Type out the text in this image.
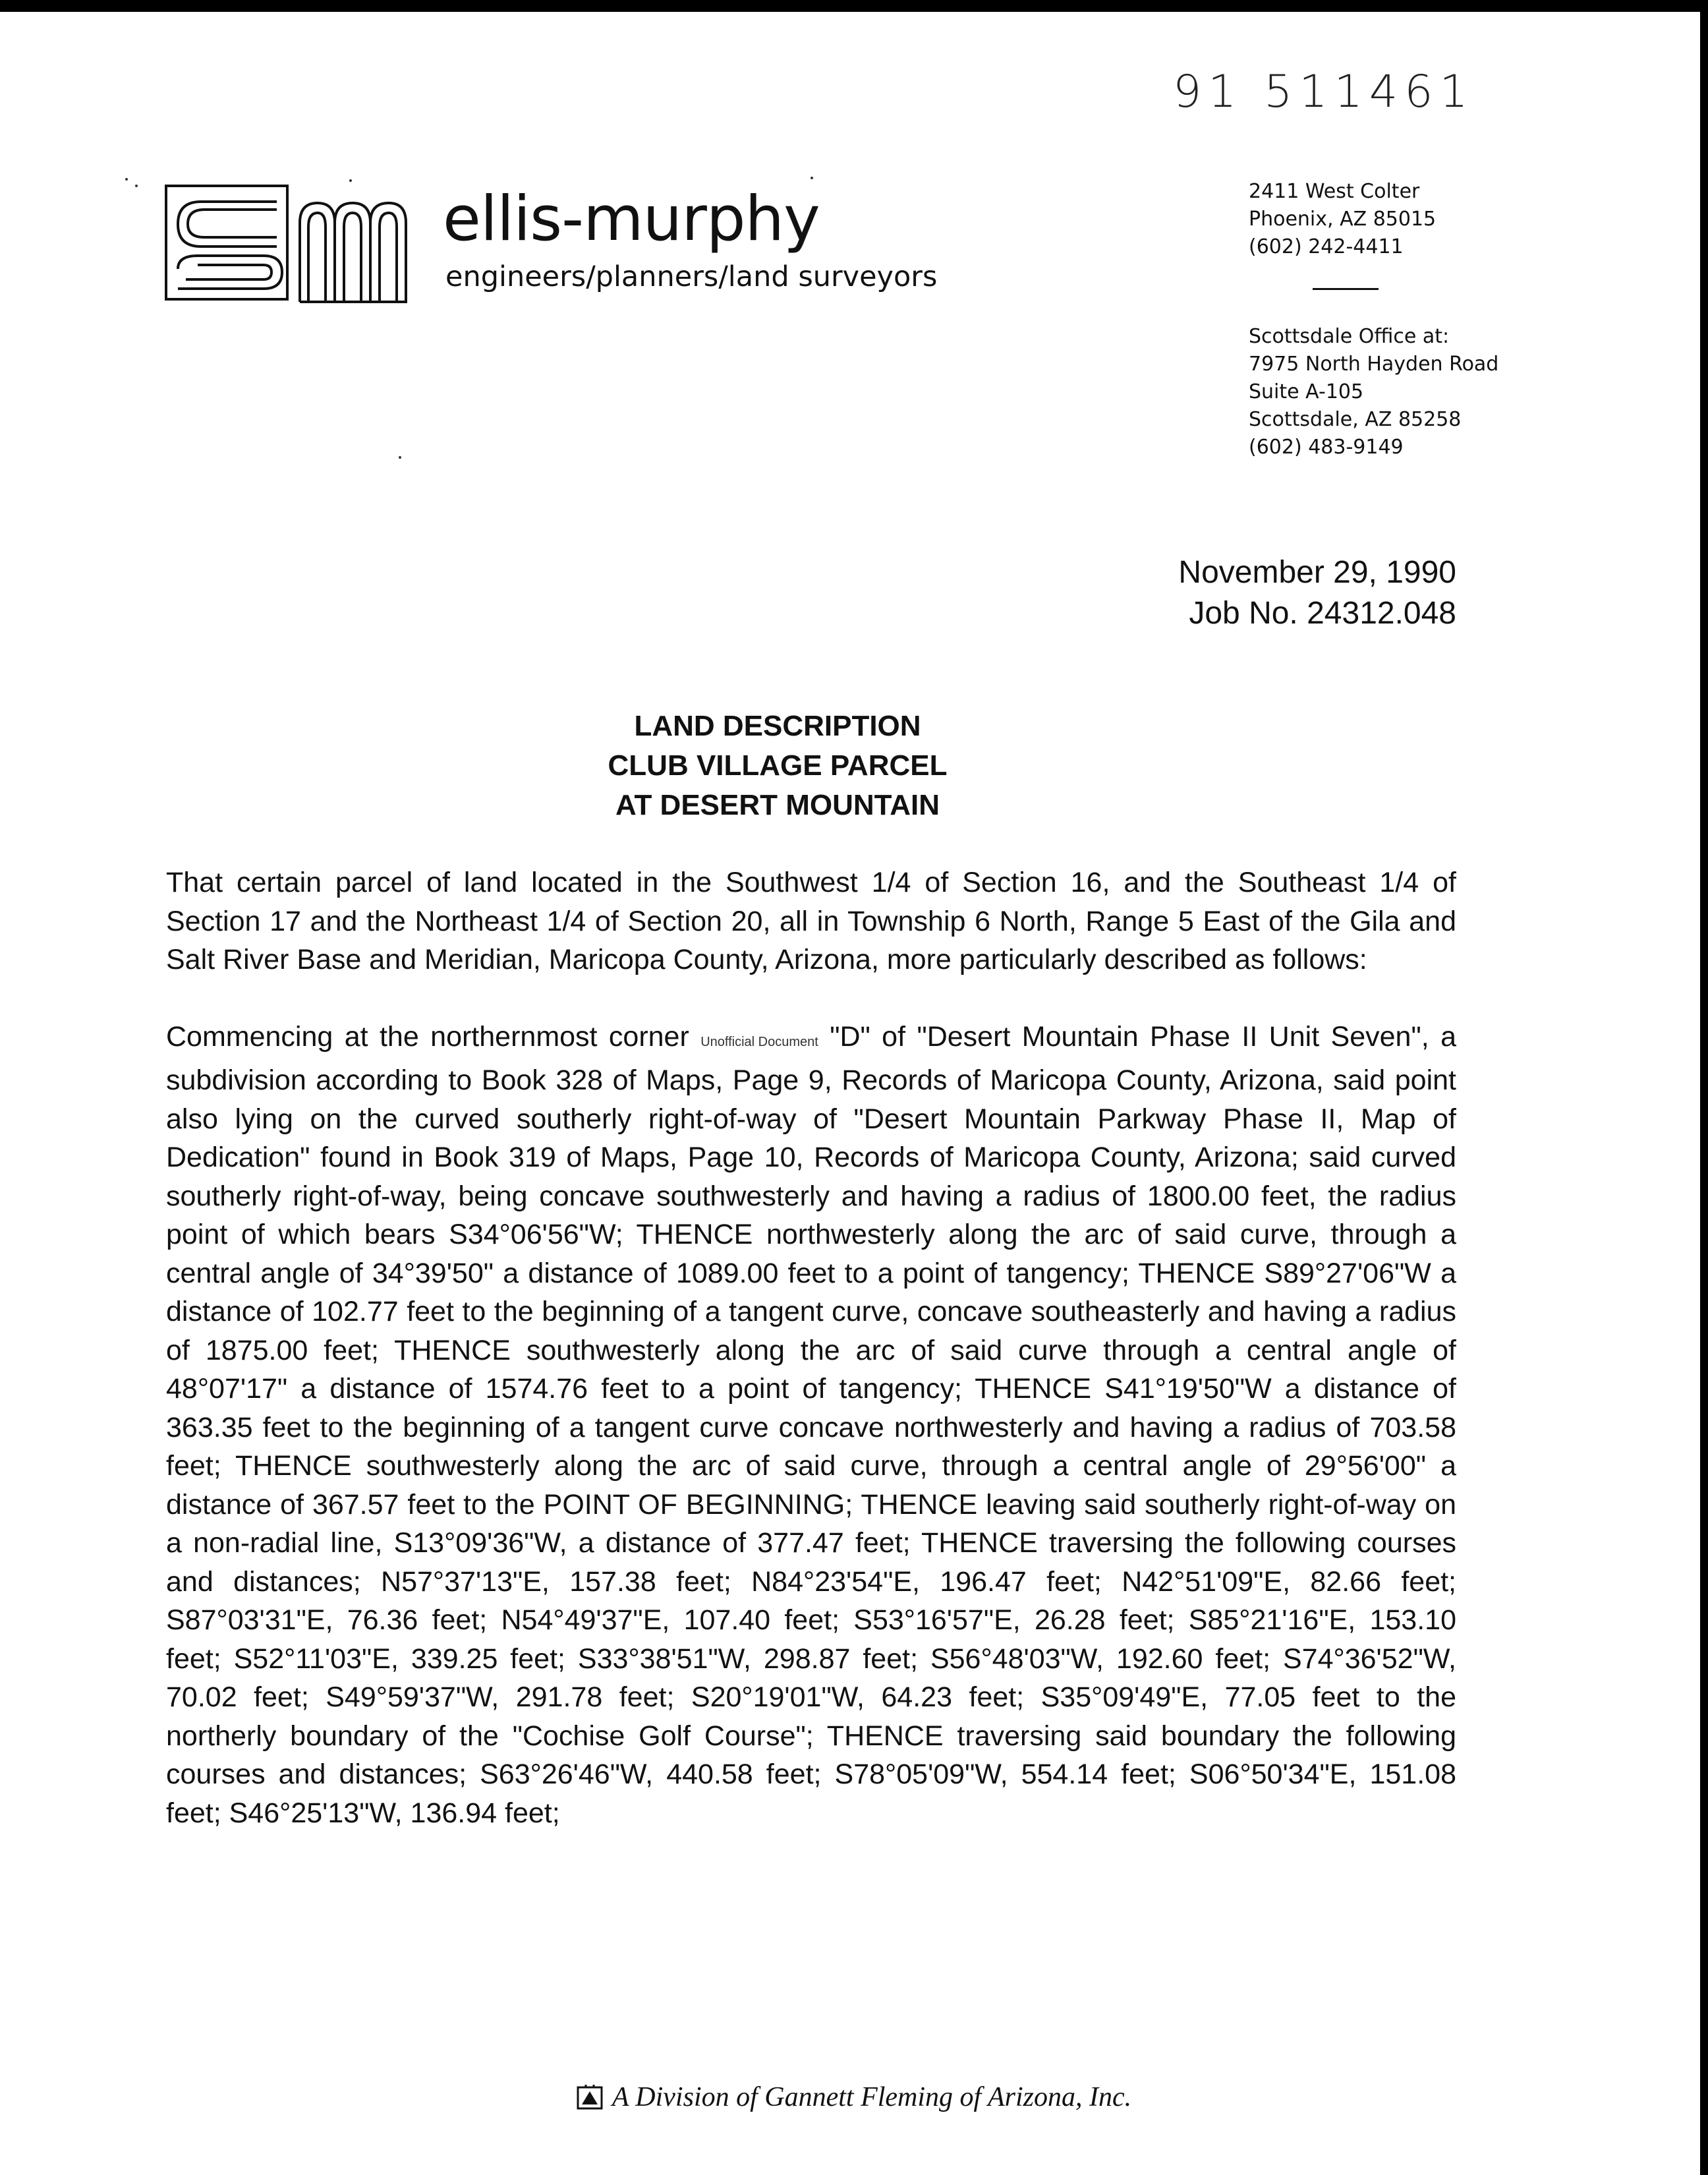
91 511461
ellis-murphy
engineers/planners/land surveyors
2411 West Colter
Phoenix, AZ 85015
(602) 242-4411
Scottsdale Office at:
7975 North Hayden Road
Suite A-105
Scottsdale, AZ 85258
(602) 483-9149
November 29, 1990
Job No. 24312.048
LAND DESCRIPTION
CLUB VILLAGE PARCEL
AT DESERT MOUNTAIN

That certain parcel of land located in the Southwest 1/4 of Section 16, and the Southeast 1/4 of Section 17 and the Northeast 1/4 of Section 20, all in Township 6 North, Range 5 East of the Gila and Salt River Base and Meridian, Maricopa County, Arizona, more particularly described as follows:

Commencing at the northernmost corner Unofficial Document "D" of "Desert Mountain Phase II Unit Seven", a subdivision according to Book 328 of Maps, Page 9, Records of Maricopa County, Arizona, said point also lying on the curved southerly right-of-way of "Desert Mountain Parkway Phase II, Map of Dedication" found in Book 319 of Maps, Page 10, Records of Maricopa County, Arizona; said curved southerly right-of-way, being concave southwesterly and having a radius of 1800.00 feet, the radius point of which bears S34°06'56"W; THENCE northwesterly along the arc of said curve, through a central angle of 34°39'50" a distance of 1089.00 feet to a point of tangency; THENCE S89°27'06"W a distance of 102.77 feet to the beginning of a tangent curve, concave southeasterly and having a radius of 1875.00 feet; THENCE southwesterly along the arc of said curve through a central angle of 48°07'17" a distance of 1574.76 feet to a point of tangency; THENCE S41°19'50"W a distance of 363.35 feet to the beginning of a tangent curve concave northwesterly and having a radius of 703.58 feet; THENCE southwesterly along the arc of said curve, through a central angle of 29°56'00" a distance of 367.57 feet to the POINT OF BEGINNING; THENCE leaving said southerly right-of-way on a non-radial line, S13°09'36"W, a distance of 377.47 feet; THENCE traversing the following courses and distances; N57°37'13"E, 157.38 feet; N84°23'54"E, 196.47 feet; N42°51'09"E, 82.66 feet; S87°03'31"E, 76.36 feet; N54°49'37"E, 107.40 feet; S53°16'57"E, 26.28 feet; S85°21'16"E, 153.10 feet; S52°11'03"E, 339.25 feet; S33°38'51"W, 298.87 feet; S56°48'03"W, 192.60 feet; S74°36'52"W, 70.02 feet; S49°59'37"W, 291.78 feet; S20°19'01"W, 64.23 feet; S35°09'49"E, 77.05 feet to the northerly boundary of the "Cochise Golf Course"; THENCE traversing said boundary the following courses and distances; S63°26'46"W, 440.58 feet; S78°05'09"W, 554.14 feet; S06°50'34"E, 151.08 feet; S46°25'13"W, 136.94 feet;

A Division of Gannett Fleming of Arizona, Inc.
